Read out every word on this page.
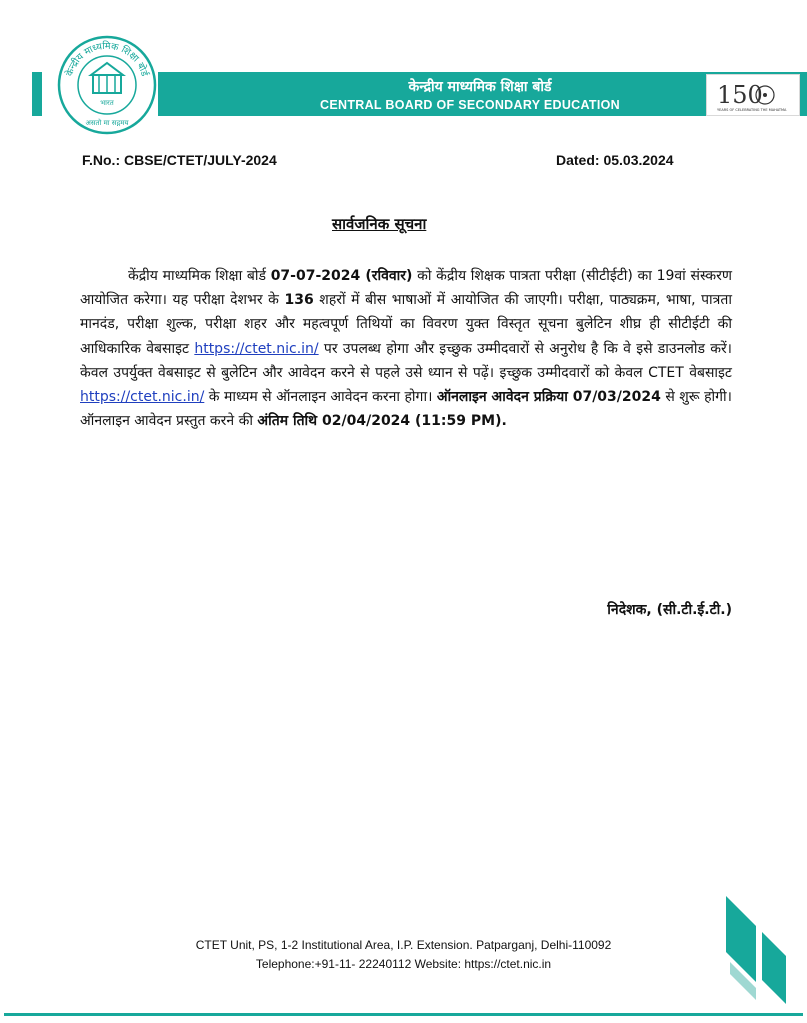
केन्द्रीय माध्यमिक शिक्षा बोर्ड
भारत
असतो मा सद्गमय
केन्द्रीय माध्यमिक शिक्षा बोर्ड
CENTRAL BOARD OF SECONDARY EDUCATION	150
YEARS OF CELEBRATING THE MAHATMA
F.No.: CBSE/CTET/JULY-2024	Dated: 05.03.2024
सार्वजनिक सूचना
केंद्रीय माध्यमिक शिक्षा बोर्ड 07-07-2024 (रविवार) को केंद्रीय शिक्षक पात्रता परीक्षा (सीटीईटी) का 19वां संस्करण आयोजित करेगा। यह परीक्षा देशभर के 136 शहरों में बीस भाषाओं में आयोजित की जाएगी। परीक्षा, पाठ्यक्रम, भाषा, पात्रता मानदंड, परीक्षा शुल्क, परीक्षा शहर और महत्वपूर्ण तिथियों का विवरण युक्त विस्तृत सूचना बुलेटिन शीघ्र ही सीटीईटी की आधिकारिक वेबसाइट https://ctet.nic.in/ पर उपलब्ध होगा और इच्छुक उम्मीदवारों से अनुरोध है कि वे इसे डाउनलोड करें। केवल उपर्युक्त वेबसाइट से बुलेटिन और आवेदन करने से पहले उसे ध्यान से पढ़ें। इच्छुक उम्मीदवारों को केवल CTET वेबसाइट https://ctet.nic.in/ के माध्यम से ऑनलाइन आवेदन करना होगा। ऑनलाइन आवेदन प्रक्रिया 07/03/2024 से शुरू होगी। ऑनलाइन आवेदन प्रस्तुत करने की अंतिम तिथि 02/04/2024 (11:59 PM).
निदेशक, (सी.टी.ई.टी.)
CTET Unit, PS, 1-2 Institutional Area, I.P. Extension. Patparganj, Delhi-110092
Telephone:+91-11- 22240112 Website: https://ctet.nic.in
